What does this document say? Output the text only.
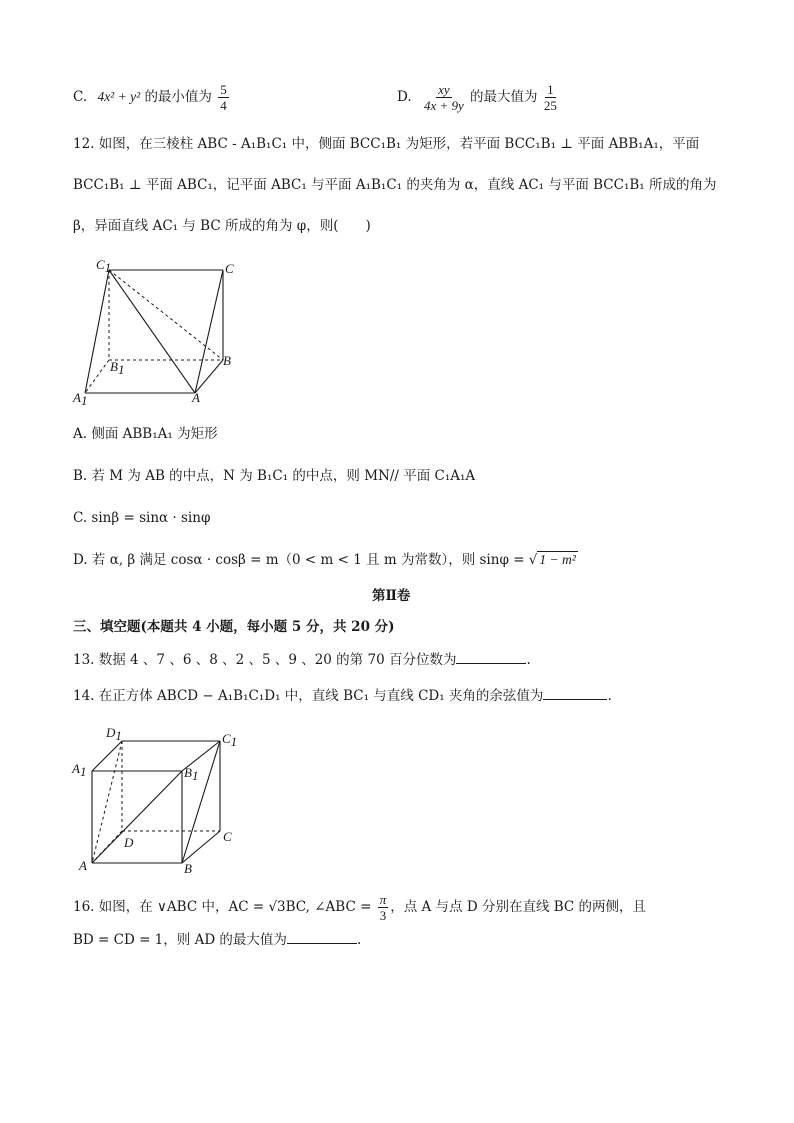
C. 4x² + y² 的最小值为 $\frac{5}{4}$	D. $\frac{xy}{4x + 9y}$ 的最大值为 $\frac{1}{25}$
12. 如图，在三棱柱 ABC - A₁B₁C₁ 中，侧面 BCC₁B₁ 为矩形，若平面 BCC₁B₁ ⊥ 平面 ABB₁A₁，平面
BCC₁B₁ ⊥ 平面 ABC₁，记平面 ABC₁ 与平面 A₁B₁C₁ 的夹角为 α，直线 AC₁ 与平面 BCC₁B₁ 所成的角为
β，异面直线 AC₁ 与 BC 所成的角为 φ，则(　　)
C1	C
B1
B
A1	A
A. 侧面 ABB₁A₁ 为矩形
B. 若 M 为 AB 的中点，N 为 B₁C₁ 的中点，则 MN// 平面 C₁A₁A
C. sinβ = sinα · sinφ
D. 若 α, β 满足 cosα · cosβ = m（0 < m < 1 且 m 为常数），则 sinφ = √ 1 − m²
第Ⅱ卷
三、填空题(本题共 4 小题，每小题 5 分，共 20 分)
13. 数据 4 、7 、6 、8 、2 、5 、9 、20 的第 70 百分位数为	.
14. 在正方体 ABCD − A₁B₁C₁D₁ 中，直线 BC₁ 与直线 CD₁ 夹角的余弦值为	.
D1	C1
A1	B1
D	C
A	B
16. 如图，在 ∨ABC 中，AC = √3BC, ∠ABC = $\frac{\pi}{3}$ ，点 A 与点 D 分别在直线 BC 的两侧，且
BD = CD = 1，则 AD 的最大值为	.
